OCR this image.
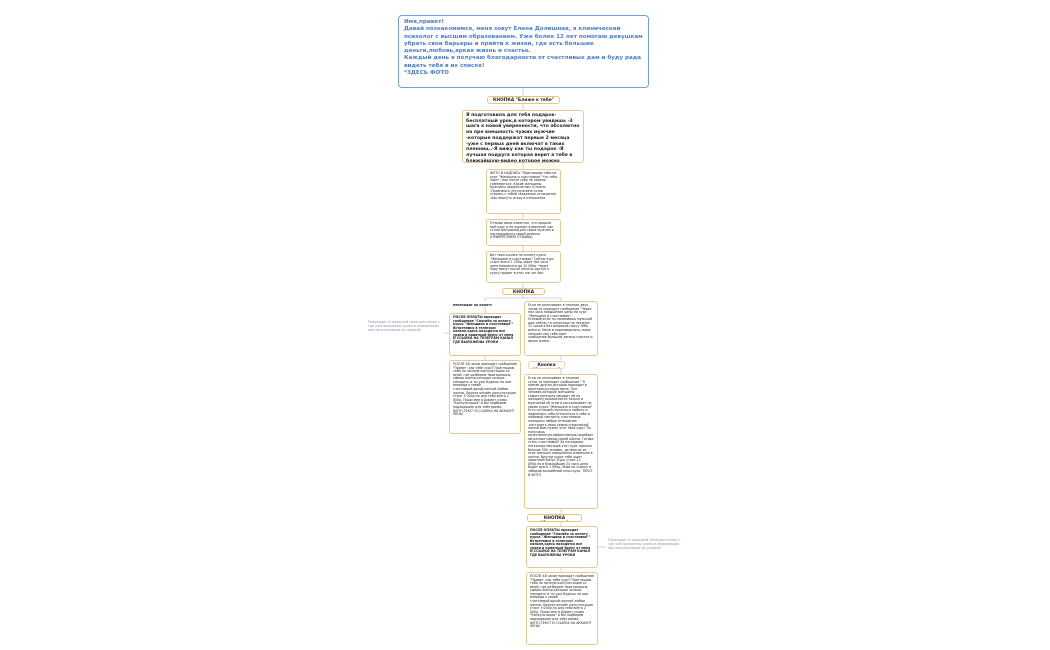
Имя,привет!
Давай познакомимся, меня зовут Елена Долишная, я клинический психолог с высшим образованием. Уже более 12 лет помогаю девушкам убрать свои барьеры и прийти к жизни, где есть большие деньги,любовь,яркая жизнь и счастье.
Каждый день я получаю благодарности от счастливых дам и буду рада видеть тебя в их списке!
*ЗДЕСЬ ФОТО
КНОПКА "Ближе к тебе"
Я подготовила для тебя подарок-бесплатный урок,в котором увидишь -3 шага к новой уверенности, что абсолютно на пре внешность чужих мужчин -которые поддержат первые 2 месяца -уже с первых дней включат в таких пленниц..-Я вижу как ты подарок -Я лучшая подруга которая верит в тебя в ближайшую-видео которое можно
ФОТО И НАДПИСЬ "Приглашаю тебя на курс "Женщина и счастливая" Что тебя ждет: -Как после себя не нервно сомневаться -Какие женщины мужчины предпочитают и смело -Признаюсь,что мужчина готов строить с тобой серьезные отношения -Как вернуть искру в отношения
Отзывы моих клиенток, что прошли мой курс и не жалеют вложений, как стали женщиной,для своих мужчин и наслаждаются своей жизнью (ПРИКРЕПЛЯЕМ ОТЗЫВЫ)
Вот твоя ссылка на оплату курса "Женщина и счастливая" Сейчас курс стоит всего 1 290р,через три часа цена повысится до 12 090р. Через пару минут после оплаты доступ к курсу придет в этот же чат-бот.
КНОПКА
переходит на оплату
ПОСЛЕ ОПЛАТЫ приходит сообщение "Спасибо за оплату курса "Женщина и счастливая"" Встретимся в телеграм канале,здесь находятся все уроки и приятный бонус от меня И ССЫЛКА НА ТЕЛЕГРАМ КАНАЛ ГДЕ ВЫЛОЖЕНЫ УРОКИ
ПОСЛЕ 48 часов приходит сообщение "Привет, как тебе курс? Приглашаю тебя на личную консультацию со мной, где разберем твои вопросы, сферы жизни,которые хочешь наладить и ты уже будешь на шаг впереди к своей счастливой,яркой,полной любви жизни. Личная онлайн консультация стоит 3 000р,но для тебя всего 2 000р. Пиши мне в Директ слово "Консультация" и мы подберем подходящее для тебя время. ФОТО,ТЕКСТ И ССЫЛКА НА АККАУНТ ЛЕНЫ
Переходит в закрытый телеграм канал с где уже выложены уроки и информация про консультацию со скидкой
Если не оплачивает в течение двух часов,то приходит сообщение "Через пол-часа повышение цены на курс "Женщина и счастливая". Успевай,если ты понимаешь мужской дом сейчас то оплатишь не позднее 12 часов в без вопросов научу тебя деньги. Мани и поразмышлять своих женщин,как тебе идет сообщение,большое деньги,счастье и яркая жизнь
Кнопка
Если не оплачивает в течение суток,то приходит сообщение " Я помню других,история-приходит в фантазии,которая меня.. Вот человек,которые женщины самостоятельно мешают ей на женщину,возможности только и мужчиной об этом и рассказывает на своем курсе "Женщина и счастливая" Есть по нашей научиться любить и принимать себя,относиться к себе и любимой смотреть счастливые женщины любые отношения -построить свою семью,уникальной жизни Вам нужен этот твой курс! Ты получишь качественную,эффективную,приобретай-разные сферы своей жизни. Готова стать счастливой? За последние несколько месяцев этот курс прошли больше 500 человек, до многих из этих женщин совершенно изменили в жизни. Внутри курса тебя ждет приятный бонус. Курс стоит 12 090р,но в ближайшие 24 часа цена будет всего 1 990р. Жми на ссылку и забирай волшебный ключ-курс. ТЕКСТ И ФОТО
КНОПКА
ПОСЛЕ ОПЛАТЫ приходит сообщение "Спасибо за оплату курса "Женщина и счастливая"" Встретимся в телеграм канале,здесь находятся все уроки и приятный бонус от меня И ССЫЛКА НА ТЕЛЕГРАМ КАНАЛ ГДЕ ВЫЛОЖЕНЫ УРОКИ
ПОСЛЕ 48 часов приходит сообщение "Привет, как тебе курс? Приглашаю тебя на личную консультацию со мной, где разберем твои вопросы, сферы жизни,которые хочешь наладить и ты уже будешь на шаг впереди к своей счастливой,яркой,полной любви жизни. Личная онлайн консультация стоит 3 000р,но для тебя всего 2 000р. Пиши мне в Директ слово "Консультация" и мы подберем подходящее для тебя время. ФОТО,ТЕКСТ И ССЫЛКА НА АККАУНТ ЛЕНЫ
Переходит в закрытый телеграм канал с где уже выложены уроки и информация про консультацию со скидкой
